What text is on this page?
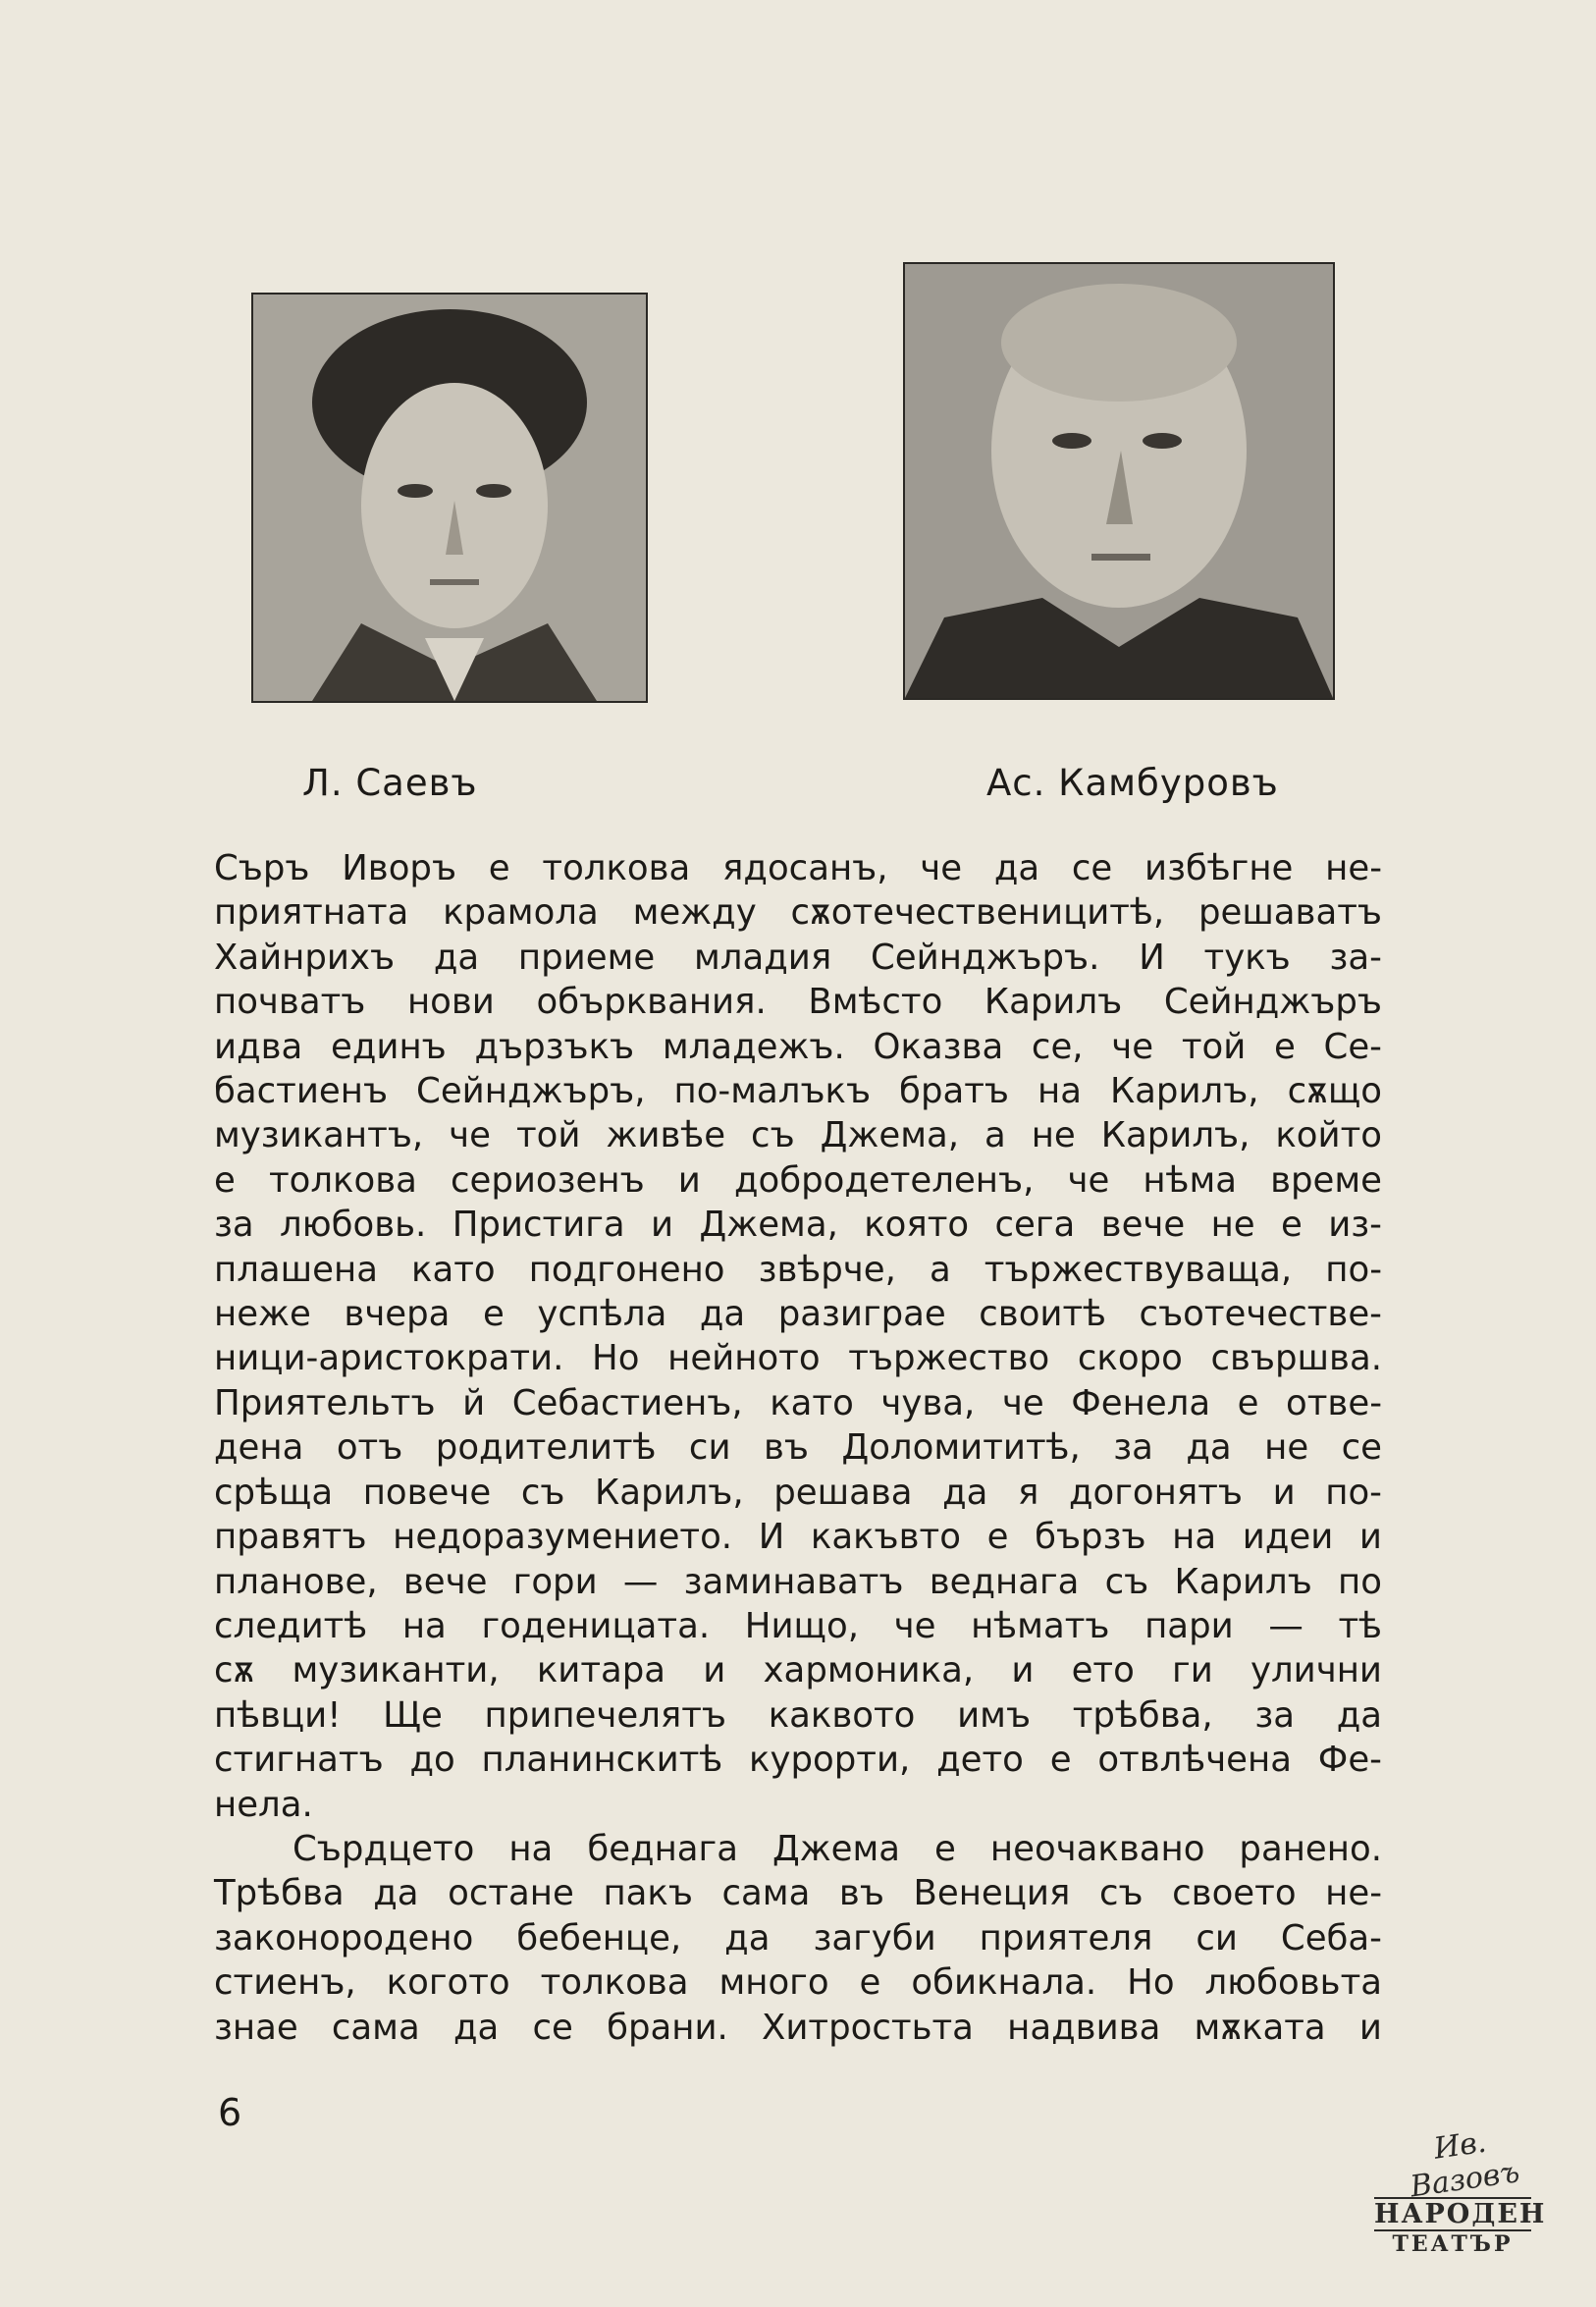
Л. Саевъ	Ас. Камбуровъ
Съръ Иворъ е толкова ядосанъ, че да се избѣгне не-
приятната крамола между сѫотечественицитѣ, решаватъ
Хайнрихъ да приеме младия Сейнджъръ. И тукъ за-
почватъ нови обърквания. Вмѣсто Карилъ Сейнджъръ
идва единъ дързъкъ младежъ. Оказва се, че той е Се-
бастиенъ Сейнджъръ, по-малъкъ братъ на Карилъ, сѫщо
музикантъ, че той живѣе съ Джема, а не Карилъ, който
е толкова сериозенъ и добродетеленъ, че нѣма време
за любовь. Пристига и Джема, която сега вече не е из-
плашена като подгонено звѣрче, а тържествуваща, по-
неже вчера е успѣла да разиграе своитѣ съотечестве-
ници-аристократи. Но нейното тържество скоро свършва.
Приятельтъ й Себастиенъ, като чува, че Фенела е отве-
дена отъ родителитѣ си въ Доломититѣ, за да не се
срѣща повече съ Карилъ, решава да я догонятъ и по-
правятъ недоразумението. И какъвто е бързъ на идеи и
планове, вече гори — заминаватъ веднага съ Карилъ по
следитѣ на годеницата. Нищо, че нѣматъ пари — тѣ
сѫ музиканти, китара и хармоника, и ето ги улични
пѣвци! Ще припечелятъ каквото имъ трѣбва, за да
стигнатъ до планинскитѣ курорти, дето е отвлѣчена Фе-
нела.
Сърдцето на беднага Джема е неочаквано ранено.
Трѣбва да остане пакъ сама въ Венеция съ своето не-
законородено бебенце, да загуби приятеля си Себа-
стиенъ, когото толкова много е обикнала. Но любовьта
знае сама да се брани. Хитростьта надвива мѫката и
6
Ив. Вазовъ
НАРОДЕН
ТЕАТЪР
